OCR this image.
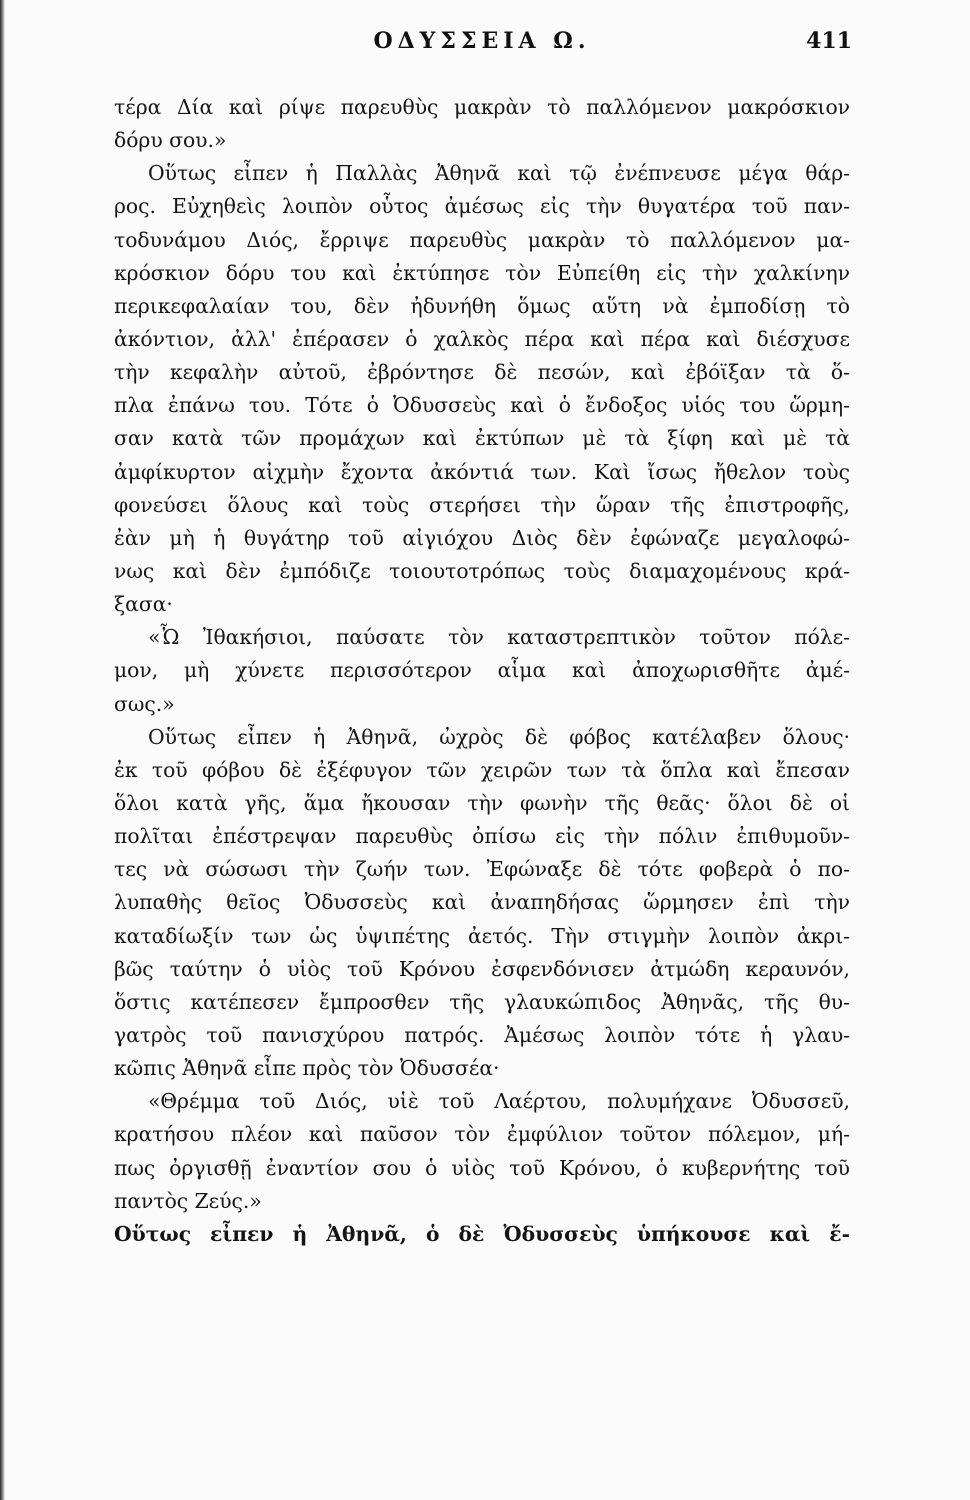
ΟΔΥΣΣΕΙΑ Ω.	411
τέρα Δία καὶ ρίψε παρευθὺς μακρὰν τὸ παλλόμενον μακρόσκιον
δόρυ σου.»
Οὕτως εἶπεν ἡ Παλλὰς Ἀθηνᾶ καὶ τῷ ἐνέπνευσε μέγα θάρ-
ρος. Εὐχηθεὶς λοιπὸν οὗτος ἀμέσως εἰς τὴν θυγατέρα τοῦ παν-
τοδυνάμου Διός, ἔρριψε παρευθὺς μακρὰν τὸ παλλόμενον μα-
κρόσκιον δόρυ του καὶ ἐκτύπησε τὸν Εὐπείθη εἰς τὴν χαλκίνην
περικεφαλαίαν του, δὲν ἠδυνήθη ὅμως αὕτη νὰ ἐμποδίσῃ τὸ
ἀκόντιον, ἀλλ' ἐπέρασεν ὁ χαλκὸς πέρα καὶ πέρα καὶ διέσχυσε
τὴν κεφαλὴν αὐτοῦ, ἐβρόντησε δὲ πεσών, καὶ ἐβόϊξαν τὰ ὅ-
πλα ἐπάνω του. Τότε ὁ Ὀδυσσεὺς καὶ ὁ ἔνδοξος υἱός του ὥρμη-
σαν κατὰ τῶν προμάχων καὶ ἐκτύπων μὲ τὰ ξίφη καὶ μὲ τὰ
ἀμφίκυρτον αἰχμὴν ἔχοντα ἀκόντιά των. Καὶ ἴσως ἤθελον τοὺς
φονεύσει ὅλους καὶ τοὺς στερήσει τὴν ὥραν τῆς ἐπιστροφῆς,
ἐὰν μὴ ἡ θυγάτηρ τοῦ αἰγιόχου Διὸς δὲν ἐφώναζε μεγαλοφώ-
νως καὶ δὲν ἐμπόδιζε τοιουτοτρόπως τοὺς διαμαχομένους κρά-
ξασα·
«Ὦ Ἰθακήσιοι, παύσατε τὸν καταστρεπτικὸν τοῦτον πόλε-
μον, μὴ χύνετε περισσότερον αἷμα καὶ ἀποχωρισθῆτε ἀμέ-
σως.»
Οὕτως εἶπεν ἡ Ἀθηνᾶ, ὠχρὸς δὲ φόβος κατέλαβεν ὅλους·
ἐκ τοῦ φόβου δὲ ἐξέφυγον τῶν χειρῶν των τὰ ὅπλα καὶ ἔπεσαν
ὅλοι κατὰ γῆς, ἅμα ἤκουσαν τὴν φωνὴν τῆς θεᾶς· ὅλοι δὲ οἱ
πολῖται ἐπέστρεψαν παρευθὺς ὀπίσω εἰς τὴν πόλιν ἐπιθυμοῦν-
τες νὰ σώσωσι τὴν ζωήν των. Ἐφώναξε δὲ τότε φοβερὰ ὁ πο-
λυπαθὴς θεῖος Ὀδυσσεὺς καὶ ἀναπηδήσας ὥρμησεν ἐπὶ τὴν
καταδίωξίν των ὡς ὑψιπέτης ἀετός. Τὴν στιγμὴν λοιπὸν ἀκρι-
βῶς ταύτην ὁ υἱὸς τοῦ Κρόνου ἐσφενδόνισεν ἀτμώδη κεραυνόν,
ὅστις κατέπεσεν ἔμπροσθεν τῆς γλαυκώπιδος Ἀθηνᾶς, τῆς θυ-
γατρὸς τοῦ πανισχύρου πατρός. Ἀμέσως λοιπὸν τότε ἡ γλαυ-
κῶπις Ἀθηνᾶ εἶπε πρὸς τὸν Ὀδυσσέα·
«Θρέμμα τοῦ Διός, υἱὲ τοῦ Λαέρτου, πολυμήχανε Ὀδυσσεῦ,
κρατήσου πλέον καὶ παῦσον τὸν ἐμφύλιον τοῦτον πόλεμον, μή-
πως ὀργισθῇ ἐναντίον σου ὁ υἱὸς τοῦ Κρόνου, ὁ κυβερνήτης τοῦ
παντὸς Ζεύς.»
Οὕτως εἶπεν ἡ Ἀθηνᾶ, ὁ δὲ Ὀδυσσεὺς ὑπήκουσε καὶ ἔ-
